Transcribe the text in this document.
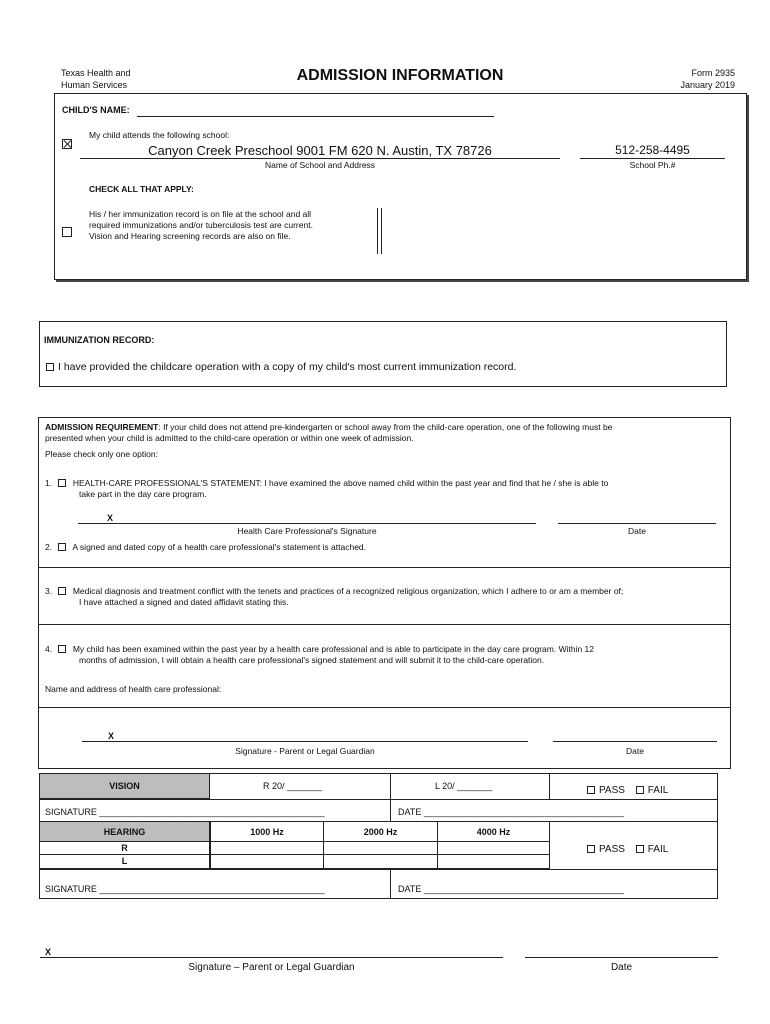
Texas Health and
Human Services
ADMISSION INFORMATION	Form 2935
January 2019
CHILD'S NAME:
My child attends the following school:
Canyon Creek Preschool 9001 FM 620 N. Austin, TX 78726
Name of School and Address
512-258-4495
School Ph.#
CHECK ALL THAT APPLY:
His / her immunization record is on file at the school and all
required immunizations and/or tuberculosis test are current.
Vision and Hearing screening records are also on file.
IMMUNIZATION RECORD:
I have provided the childcare operation with a copy of my child's most current immunization record.
ADMISSION REQUIREMENT: If your child does not attend pre-kindergarten or school away from the child-care operation, one of the following must be
presented when your child is admitted to the child-care operation or within one week of admission.
Please check only one option:
1. HEALTH-CARE PROFESSIONAL'S STATEMENT: I have examined the above named child within the past year and find that he / she is able to
take part in the day care program.
X
Health Care Professional's Signature	Date
2. A signed and dated copy of a health care professional's statement is attached.
3. Medical diagnosis and treatment conflict with the tenets and practices of a recognized religious organization, which I adhere to or am a member of;
I have attached a signed and dated affidavit stating this.
4. My child has been examined within the past year by a health care professional and is able to participate in the day care program. Within 12
months of admission, I will obtain a health care professional's signed statement and will submit it to the child-care operation.
Name and address of health care professional:
X
Signature - Parent or Legal Guardian	Date
VISION	R 20/ _______	L 20/ _______	PASS FAIL
SIGNATURE _____________________________________________	DATE ________________________________________
HEARING	1000 Hz	2000 Hz	4000 Hz
R
L
PASS FAIL
SIGNATURE _____________________________________________	DATE ________________________________________
X
Signature – Parent or Legal Guardian	Date
